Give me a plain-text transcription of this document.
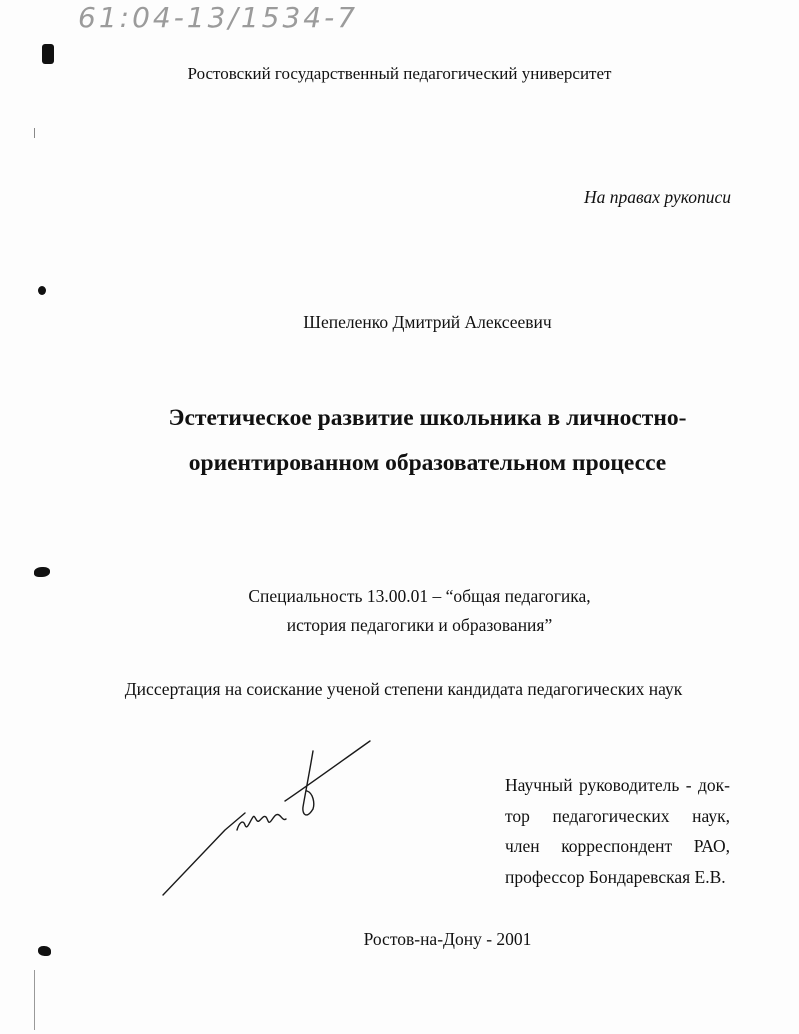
61:04-13/1534-7
Ростовский государственный педагогический университет
На правах рукописи
Шепеленко Дмитрий Алексеевич
Эстетическое развитие школьника в личностно-
ориентированном образовательном процессе
Специальность 13.00.01 – “общая педагогика,
история педагогики и образования”
Диссертация на соискание ученой степени кандидата педагогических наук
Научный руководитель - док-
тор педагогических наук,
член корреспондент РАО,
профессор Бондаревская Е.В.
Ростов-на-Дону - 2001
